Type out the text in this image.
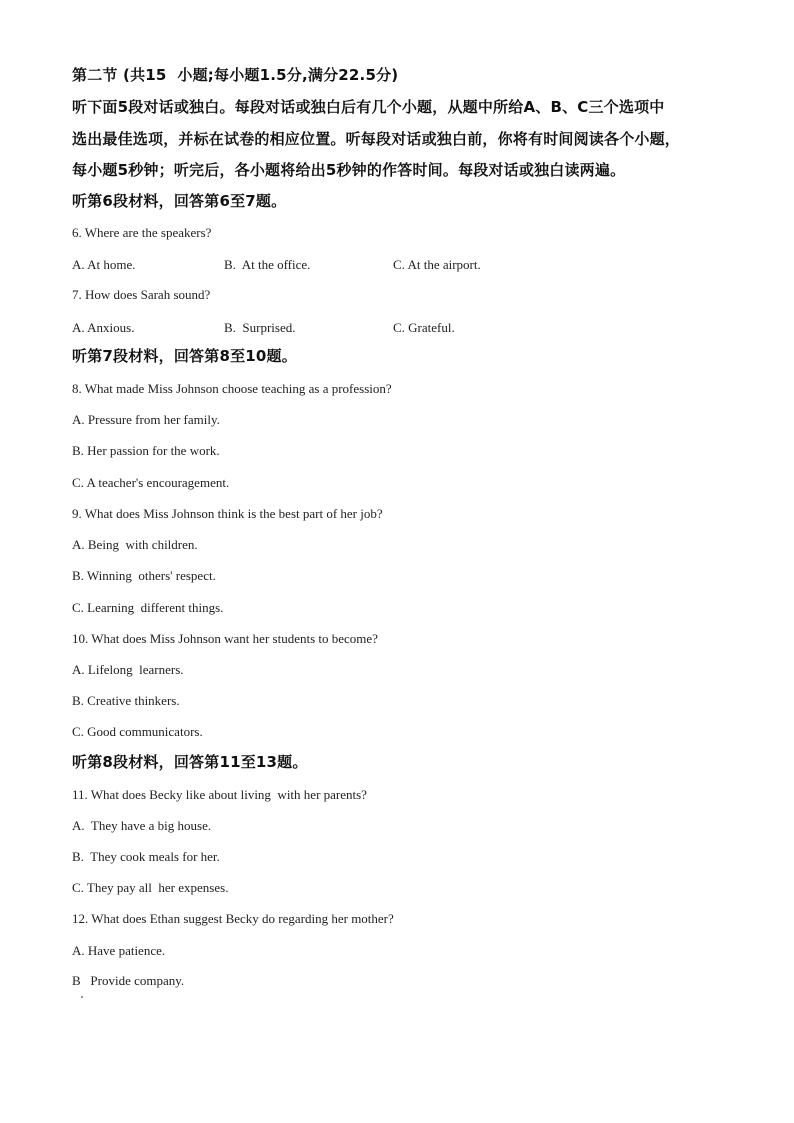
第二节 (共15  小题;每小题1.5分,满分22.5分)
听下面5段对话或独白。每段对话或独白后有几个小题，从题中所给A、B、C三个选项中
选出最佳选项，并标在试卷的相应位置。听每段对话或独白前，你将有时间阅读各个小题，
每小题5秒钟；听完后，各小题将给出5秒钟的作答时间。每段对话或独白读两遍。
听第6段材料，回答第6至7题。
6. Where are the speakers?
A. At home.	B.  At the office.	C. At the airport.
7. How does Sarah sound?
A. Anxious.	B.  Surprised.	C. Grateful.
听第7段材料，回答第8至10题。
8. What made Miss Johnson choose teaching as a profession?
A. Pressure from her family.
B. Her passion for the work.
C. A teacher's encouragement.
9. What does Miss Johnson think is the best part of her job?
A. Being  with children.
B. Winning  others' respect.
C. Learning  different things.
10. What does Miss Johnson want her students to become?
A. Lifelong  learners.
B. Creative thinkers.
C. Good communicators.
听第8段材料，回答第11至13题。
11. What does Becky like about living  with her parents?
A.  They have a big house.
B.  They cook meals for her.
C. They pay all  her expenses.
12. What does Ethan suggest Becky do regarding her mother?
A. Have patience.
B   Provide company.
